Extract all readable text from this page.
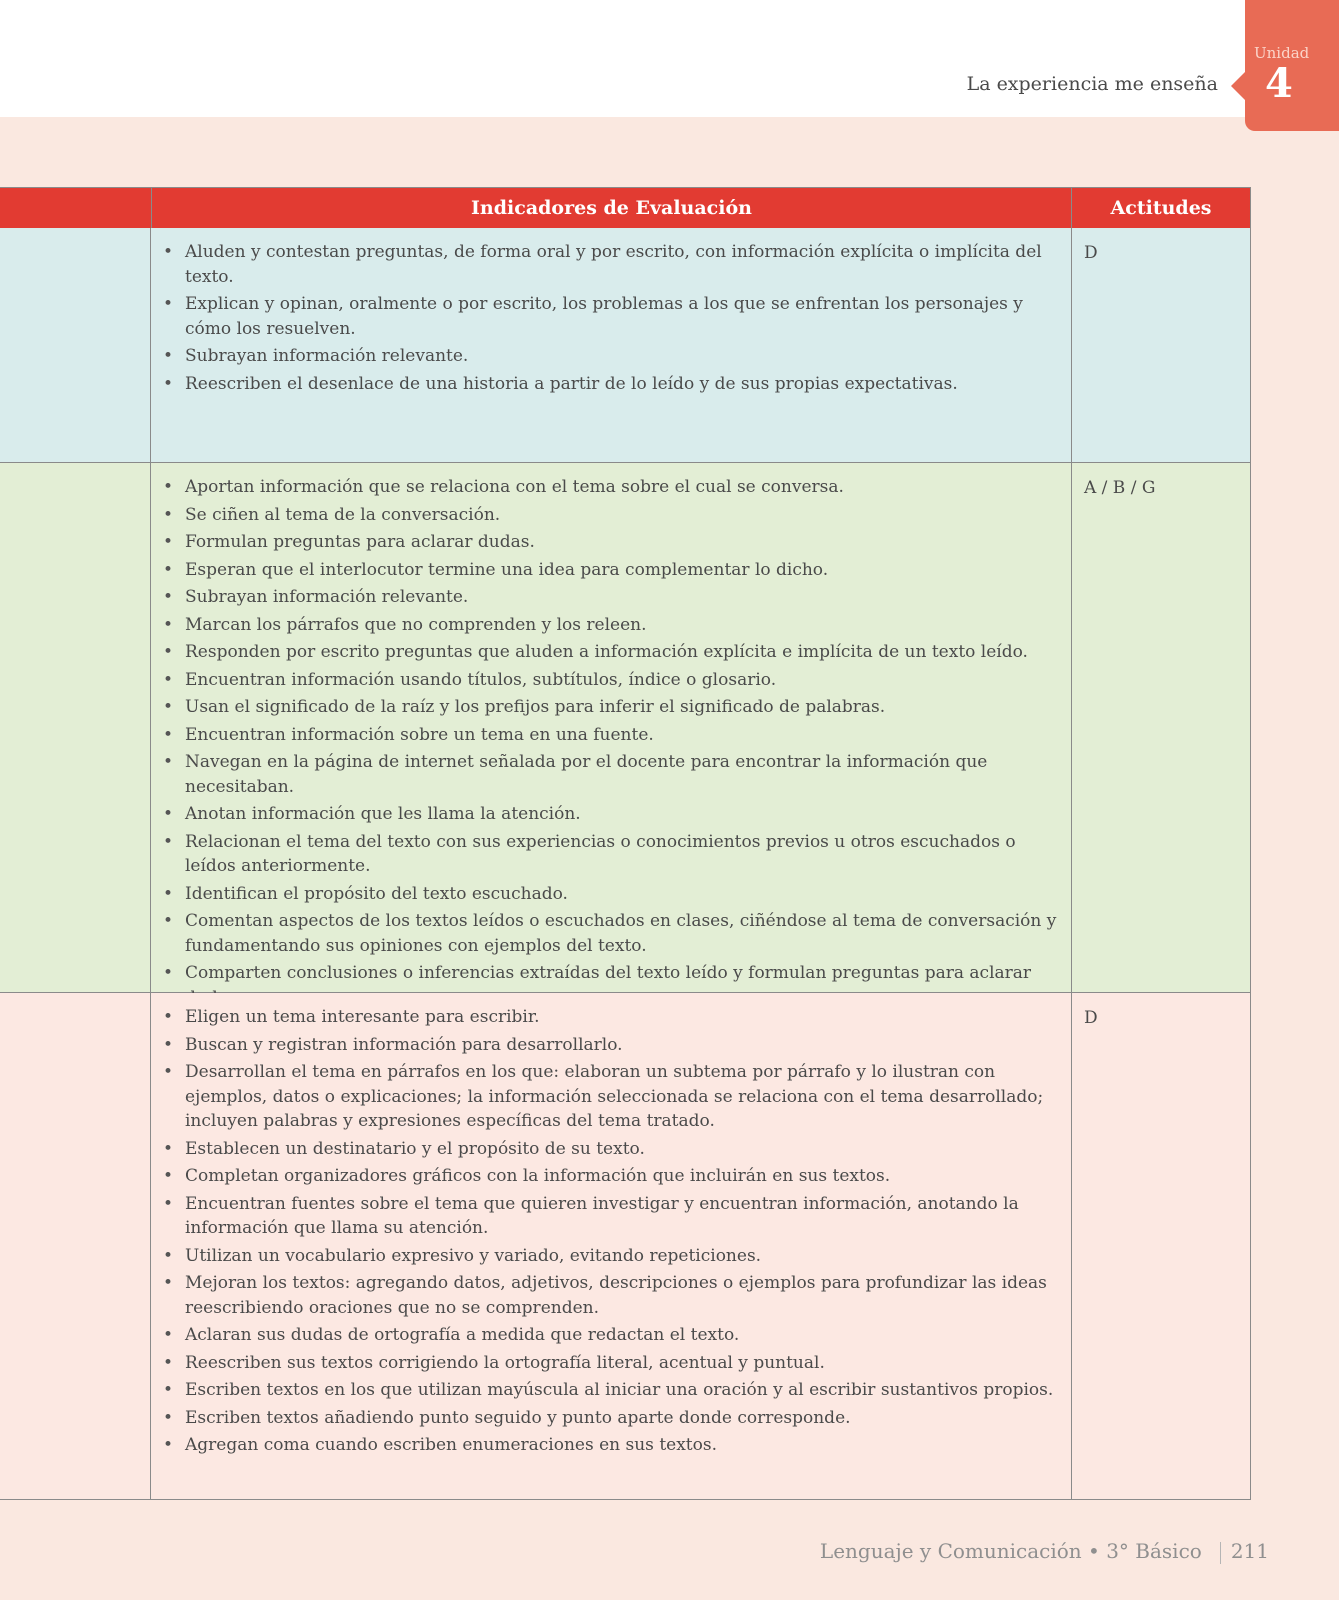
La experiencia me enseña
Unidad
4
Indicadores de Evaluación	Actitudes
• Aluden y contestan preguntas, de forma oral y por escrito, con información explícita o implícita del texto.
• Explican y opinan, oralmente o por escrito, los problemas a los que se enfrentan los personajes y cómo los resuelven.
• Subrayan información relevante.
• Reescriben el desenlace de una historia a partir de lo leído y de sus propias expectativas.
D
• Aportan información que se relaciona con el tema sobre el cual se conversa.
• Se ciñen al tema de la conversación.
• Formulan preguntas para aclarar dudas.
• Esperan que el interlocutor termine una idea para complementar lo dicho.
• Subrayan información relevante.
• Marcan los párrafos que no comprenden y los releen.
• Responden por escrito preguntas que aluden a información explícita e implícita de un texto leído.
• Encuentran información usando títulos, subtítulos, índice o glosario.
• Usan el significado de la raíz y los prefijos para inferir el significado de palabras.
• Encuentran información sobre un tema en una fuente.
• Navegan en la página de internet señalada por el docente para encontrar la información que necesitaban.
• Anotan información que les llama la atención.
• Relacionan el tema del texto con sus experiencias o conocimientos previos u otros escuchados o leídos anteriormente.
• Identifican el propósito del texto escuchado.
• Comentan aspectos de los textos leídos o escuchados en clases, ciñéndose al tema de conversación y fundamentando sus opiniones con ejemplos del texto.
• Comparten conclusiones o inferencias extraídas del texto leído y formulan preguntas para aclarar
A / B / G
• Eligen un tema interesante para escribir.
• Buscan y registran información para desarrollarlo.
• Desarrollan el tema en párrafos en los que: elaboran un subtema por párrafo y lo ilustran con ejemplos, datos o explicaciones; la información seleccionada se relaciona con el tema desarrollado; incluyen palabras y expresiones específicas del tema tratado.
• Establecen un destinatario y el propósito de su texto.
• Completan organizadores gráficos con la información que incluirán en sus textos.
• Encuentran fuentes sobre el tema que quieren investigar y encuentran información, anotando la información que llama su atención.
• Utilizan un vocabulario expresivo y variado, evitando repeticiones.
• Mejoran los textos: agregando datos, adjetivos, descripciones o ejemplos para profundizar las ideas reescribiendo oraciones que no se comprenden.
• Aclaran sus dudas de ortografía a medida que redactan el texto.
• Reescriben sus textos corrigiendo la ortografía literal, acentual y puntual.
• Escriben textos en los que utilizan mayúscula al iniciar una oración y al escribir sustantivos propios.
• Escriben textos añadiendo punto seguido y punto aparte donde corresponde.
• Agregan coma cuando escriben enumeraciones en sus textos.
D
Lenguaje y Comunicación • 3° Básico 211
